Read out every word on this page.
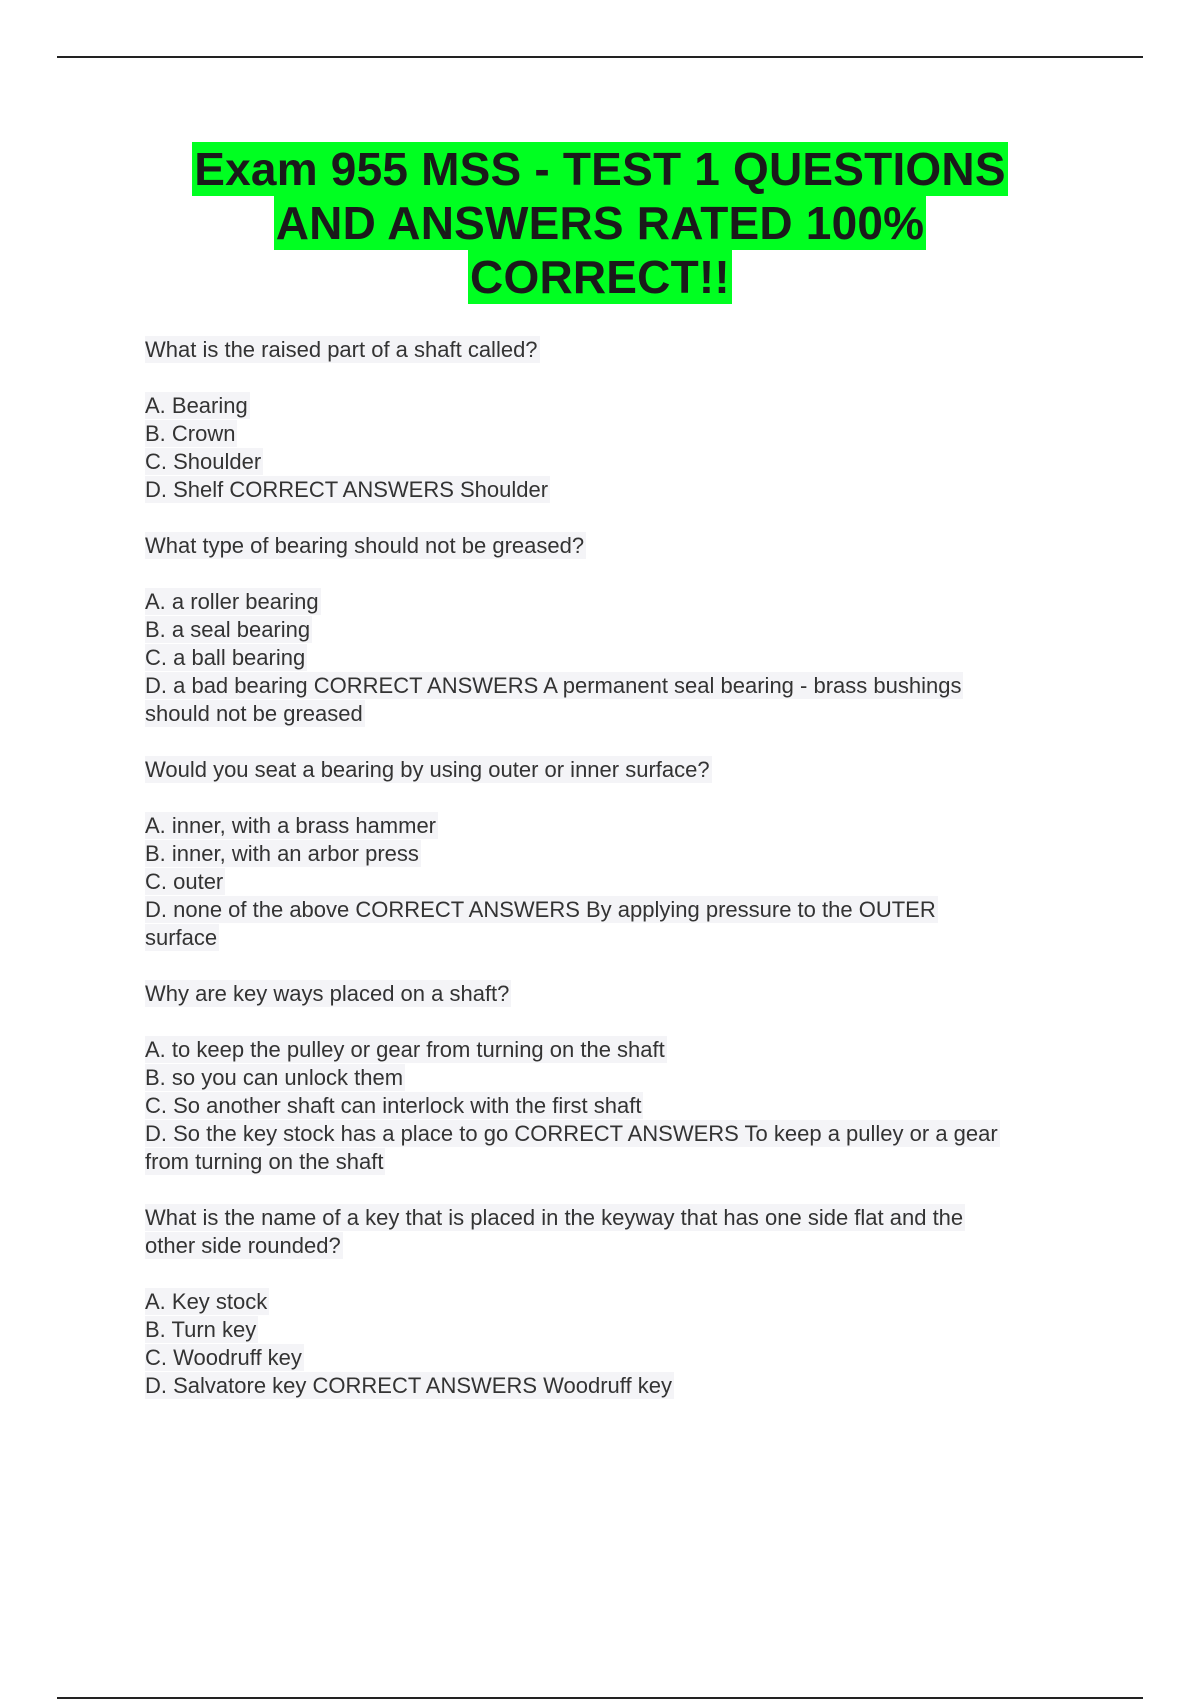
Exam 955 MSS - TEST 1 QUESTIONS
AND ANSWERS RATED 100%
CORRECT!!
What is the raised part of a shaft called?
A. Bearing
B. Crown
C. Shoulder
D. Shelf CORRECT ANSWERS Shoulder
What type of bearing should not be greased?
A. a roller bearing
B. a seal bearing
C. a ball bearing
D. a bad bearing CORRECT ANSWERS A permanent seal bearing - brass bushings
should not be greased
Would you seat a bearing by using outer or inner surface?
A. inner, with a brass hammer
B. inner, with an arbor press
C. outer
D. none of the above CORRECT ANSWERS By applying pressure to the OUTER
surface
Why are key ways placed on a shaft?
A. to keep the pulley or gear from turning on the shaft
B. so you can unlock them
C. So another shaft can interlock with the first shaft
D. So the key stock has a place to go CORRECT ANSWERS To keep a pulley or a gear
from turning on the shaft
What is the name of a key that is placed in the keyway that has one side flat and the
other side rounded?
A. Key stock
B. Turn key
C. Woodruff key
D. Salvatore key CORRECT ANSWERS Woodruff key
